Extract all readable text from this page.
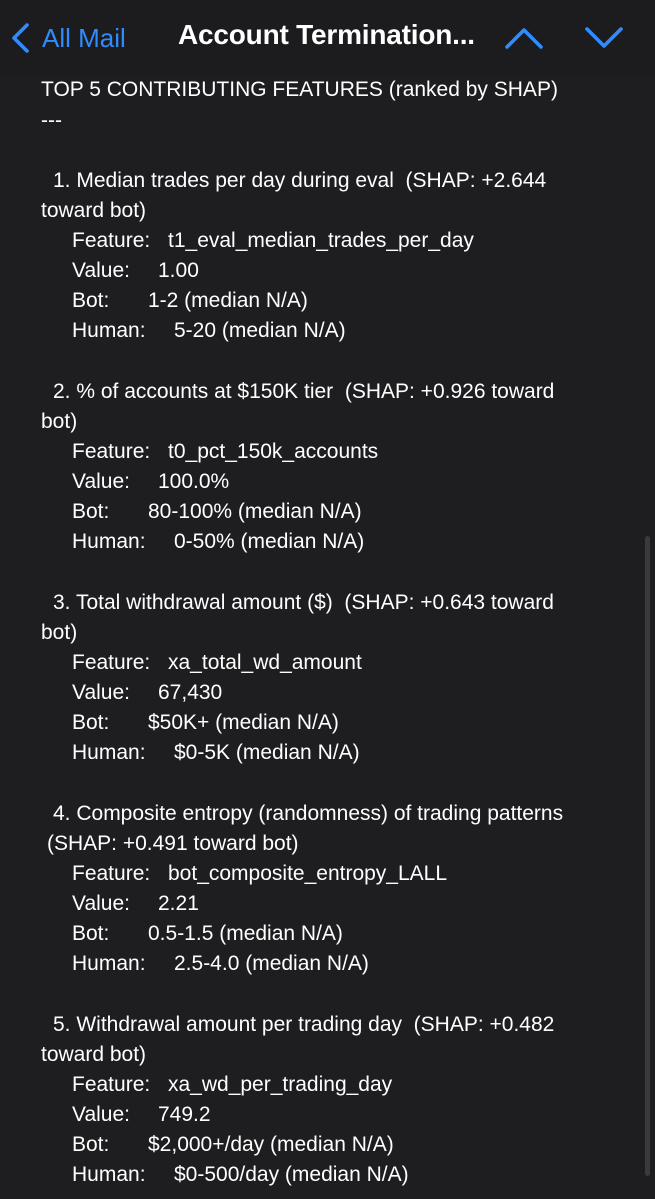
All Mail Account Termination...
TOP 5 CONTRIBUTING FEATURES (ranked by SHAP)
---
1. Median trades per day during eval  (SHAP: +2.644
toward bot)
Feature: t1_eval_median_trades_per_day
Value: 1.00
Bot: 1-2 (median N/A)
Human: 5-20 (median N/A)
2. % of accounts at $150K tier  (SHAP: +0.926 toward
bot)
Feature: t0_pct_150k_accounts
Value: 100.0%
Bot: 80-100% (median N/A)
Human: 0-50% (median N/A)
3. Total withdrawal amount ($)  (SHAP: +0.643 toward
bot)
Feature: xa_total_wd_amount
Value: 67,430
Bot: $50K+ (median N/A)
Human: $0-5K (median N/A)
4. Composite entropy (randomness) of trading patterns
(SHAP: +0.491 toward bot)
Feature: bot_composite_entropy_LALL
Value: 2.21
Bot: 0.5-1.5 (median N/A)
Human: 2.5-4.0 (median N/A)
5. Withdrawal amount per trading day  (SHAP: +0.482
toward bot)
Feature: xa_wd_per_trading_day
Value: 749.2
Bot: $2,000+/day (median N/A)
Human: $0-500/day (median N/A)
